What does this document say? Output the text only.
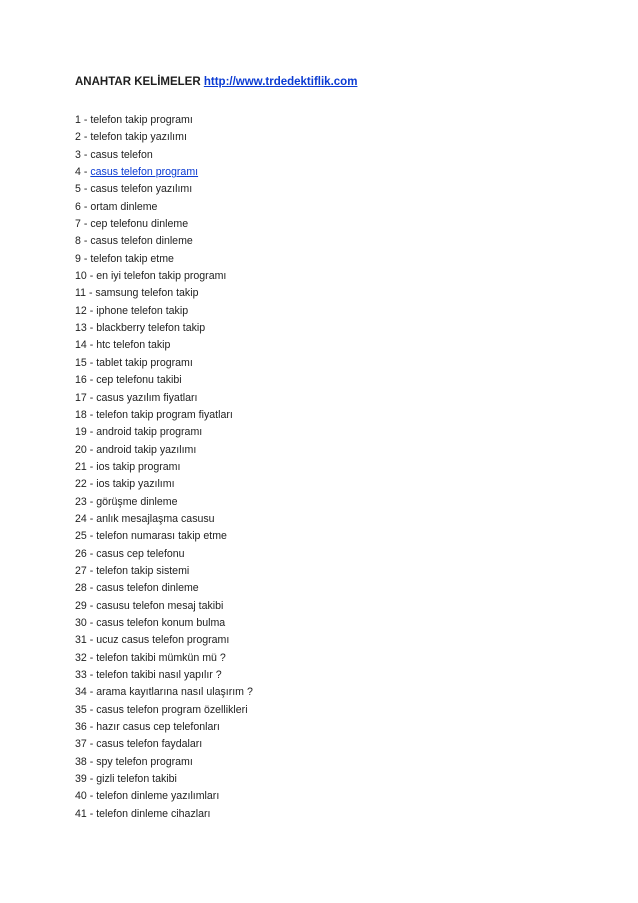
ANAHTAR KELİMELER http://www.trdedektiflik.com
1 - telefon takip programı
2 - telefon takip yazılımı
3 - casus telefon
4 - casus telefon programı
5 - casus telefon yazılımı
6 - ortam dinleme
7 - cep telefonu dinleme
8 - casus telefon dinleme
9 - telefon takip etme
10 - en iyi telefon takip programı
11 - samsung telefon takip
12 - iphone telefon takip
13 - blackberry telefon takip
14 - htc telefon takip
15 - tablet takip programı
16 - cep telefonu takibi
17 - casus yazılım fiyatları
18 - telefon takip program fiyatları
19 - android takip programı
20 - android takip yazılımı
21 - ios takip programı
22 - ios takip yazılımı
23 - görüşme dinleme
24 - anlık mesajlaşma casusu
25 - telefon numarası takip etme
26 - casus cep telefonu
27 - telefon takip sistemi
28 - casus telefon dinleme
29 - casusu telefon mesaj takibi
30 - casus telefon konum bulma
31 - ucuz casus telefon programı
32 - telefon takibi mümkün mü ?
33 - telefon takibi nasıl yapılır ?
34 - arama kayıtlarına nasıl ulaşırım ?
35 - casus telefon program özellikleri
36 - hazır casus cep telefonları
37 - casus telefon faydaları
38 - spy telefon programı
39 - gizli telefon takibi
40 - telefon dinleme yazılımları
41 - telefon dinleme cihazları
